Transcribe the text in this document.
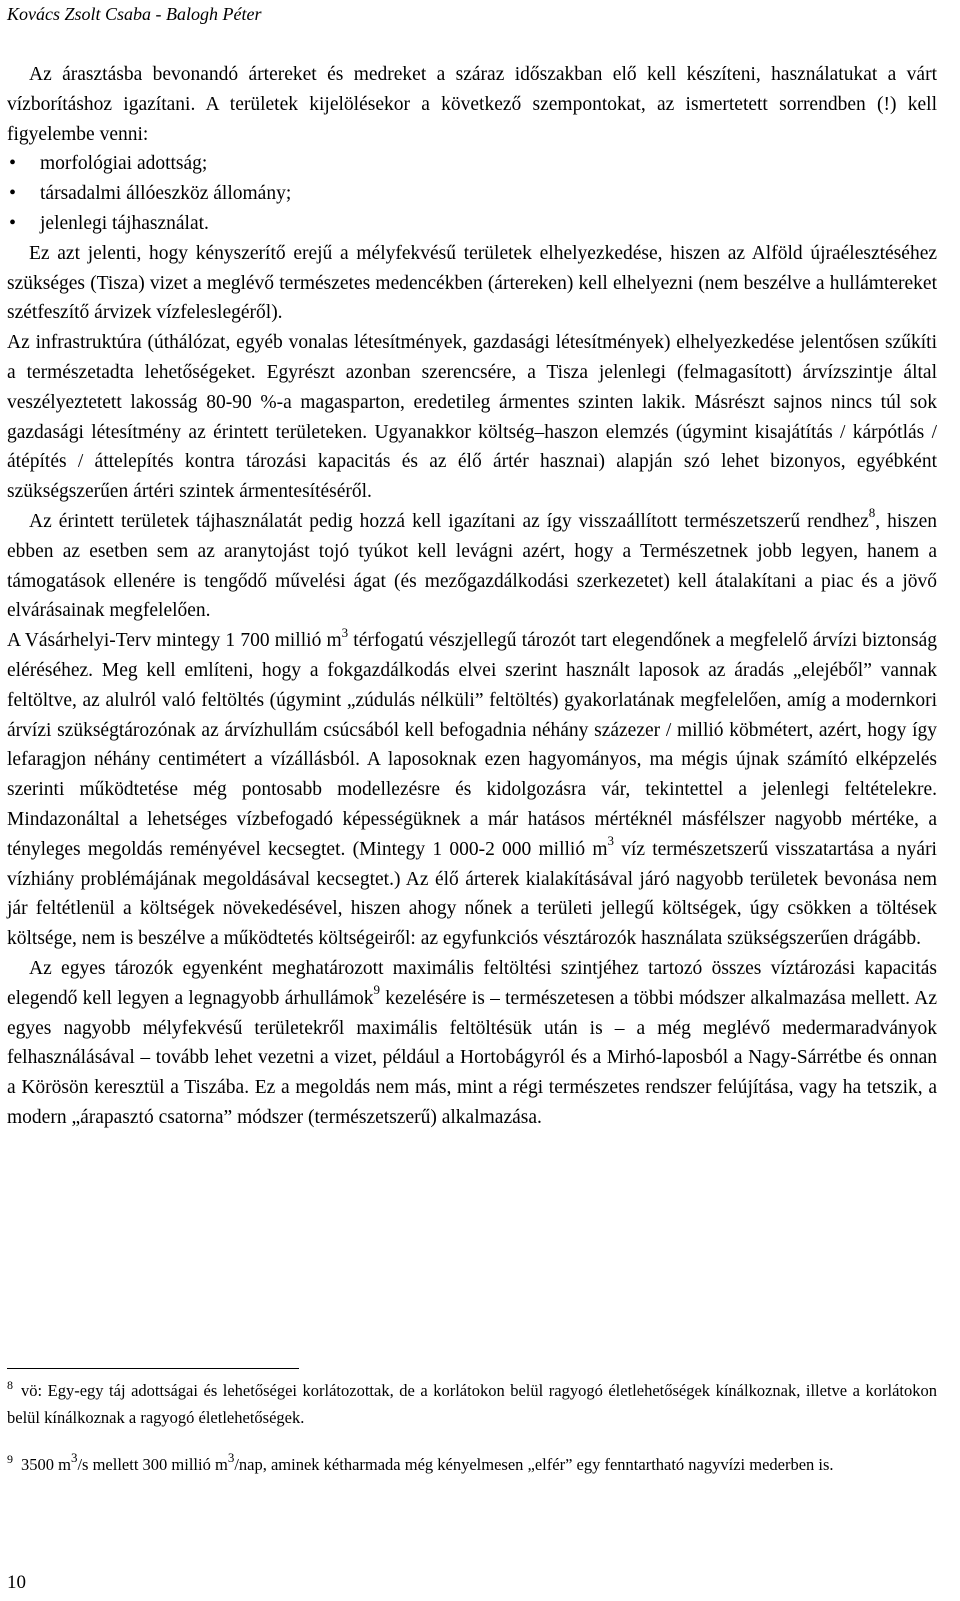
Kovács Zsolt Csaba - Balogh Péter

Az árasztásba bevonandó ártereket és medreket a száraz időszakban elő kell készíteni, használatukat a várt vízborításhoz igazítani. A területek kijelölésekor a következő szempontokat, az ismertetett sorrendben (!) kell figyelembe venni:

• morfológiai adottság;
• társadalmi állóeszköz állomány;
• jelenlegi tájhasználat.

Ez azt jelenti, hogy kényszerítő erejű a mélyfekvésű területek elhelyezkedése, hiszen az Alföld újraélesztéséhez szükséges (Tisza) vizet a meglévő természetes medencékben (ártereken) kell elhelyezni (nem beszélve a hullámtereket szétfeszítő árvizek vízfeleslegéről).

Az infrastruktúra (úthálózat, egyéb vonalas létesítmények, gazdasági létesítmények) elhelyezkedése jelentősen szűkíti a természetadta lehetőségeket. Egyrészt azonban szerencsére, a Tisza jelenlegi (felmagasított) árvízszintje által veszélyeztetett lakosság 80-90 %-a magasparton, eredetileg ármentes szinten lakik. Másrészt sajnos nincs túl sok gazdasági létesítmény az érintett területeken. Ugyanakkor költség–haszon elemzés (úgymint kisajátítás / kárpótlás / átépítés / áttelepítés kontra tározási kapacitás és az élő ártér hasznai) alapján szó lehet bizonyos, egyébként szükségszerűen ártéri szintek ármentesítéséről.

Az érintett területek tájhasználatát pedig hozzá kell igazítani az így visszaállított természetszerű rendhez$^8$, hiszen ebben az esetben sem az aranytojást tojó tyúkot kell levágni azért, hogy a Természetnek jobb legyen, hanem a támogatások ellenére is tengődő művelési ágat (és mezőgazdálkodási szerkezetet) kell átalakítani a piac és a jövő elvárásainak megfelelően.

A Vásárhelyi-Terv mintegy 1 700 millió $m^3$ térfogatú vészjellegű tározót tart elegendőnek a megfelelő árvízi biztonság eléréséhez. Meg kell említeni, hogy a fokgazdálkodás elvei szerint használt laposok az áradás „elejéből” vannak feltöltve, az alulról való feltöltés (úgymint „zúdulás nélküli” feltöltés) gyakorlatának megfelelően, amíg a modernkori árvízi szükségtározónak az árvízhullám csúcsából kell befogadnia néhány százezer / millió köbmétert, azért, hogy így lefaragjon néhány centimétert a vízállásból. A laposoknak ezen hagyományos, ma mégis újnak számító elképzelés szerinti működtetése még pontosabb modellezésre és kidolgozásra vár, tekintettel a jelenlegi feltételekre. Mindazonáltal a lehetséges vízbefogadó képességüknek a már hatásos mértéknél másfélszer nagyobb mértéke, a tényleges megoldás reményével kecsegtet. (Mintegy 1 000-2 000 millió $m^3$ víz természetszerű visszatartása a nyári vízhiány problémájának megoldásával kecsegtet.) Az élő árterek kialakításával járó nagyobb területek bevonása nem jár feltétlenül a költségek növekedésével, hiszen ahogy nőnek a területi jellegű költségek, úgy csökken a töltések költsége, nem is beszélve a működtetés költségeiről: az egyfunkciós vésztározók használata szükségszerűen drágább.

Az egyes tározók egyenként meghatározott maximális feltöltési szintjéhez tartozó összes víztározási kapacitás elegendő kell legyen a legnagyobb árhullámok$^9$ kezelésére is – természetesen a többi módszer alkalmazása mellett. Az egyes nagyobb mélyfekvésű területekről maximális feltöltésük után is – a még meglévő medermaradványok felhasználásával – tovább lehet vezetni a vizet, például a Hortobágyról és a Mirhó-laposból a Nagy-Sárrétbe és onnan a Körösön keresztül a Tiszába. Ez a megoldás nem más, mint a régi természetes rendszer felújítása, vagy ha tetszik, a modern „árapasztó csatorna” módszer (természetszerű) alkalmazása.

$^8$ vö: Egy-egy táj adottságai és lehetőségei korlátozottak, de a korlátokon belül ragyogó életlehetőségek kínálkoznak, illetve a korlátokon belül kínálkoznak a ragyogó életlehetőségek.

$^9$ 3500 $m^3/s$ mellett 300 millió $m^3$/nap, aminek kétharmada még kényelmesen „elfér” egy fenntartható nagyvízi mederben is.

10
